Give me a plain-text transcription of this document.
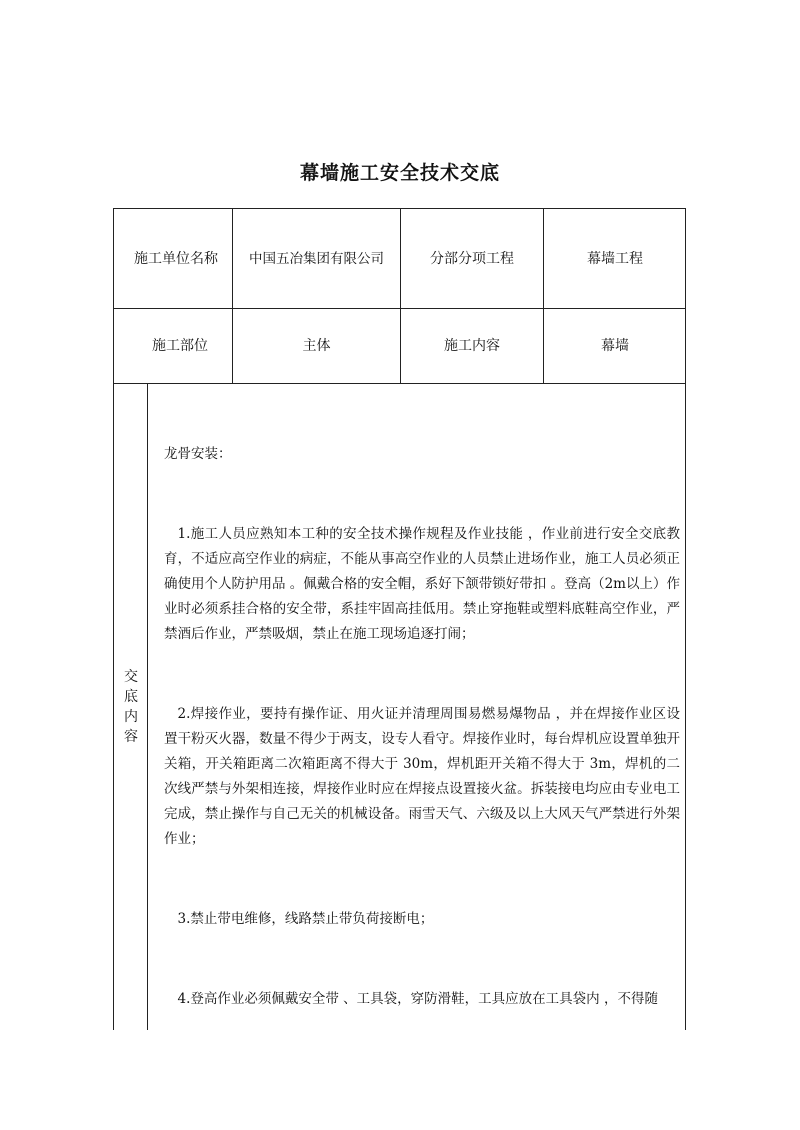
幕墙施工安全技术交底
施工单位名称	中国五冶集团有限公司	分部分项工程	幕墙工程
施工部位	主体	施工内容	幕墙
交底内容

龙骨安装：

1.施工人员应熟知本工种的安全技术操作规程及作业技能 ，作业前进行安全交底教育，不适应高空作业的病症，不能从事高空作业的人员禁止进场作业，施工人员必须正确使用个人防护用品 。佩戴合格的安全帽，系好下颔带锁好带扣 。登高（2m以上）作业时必须系挂合格的安全带，系挂牢固高挂低用。禁止穿拖鞋或塑料底鞋高空作业，严禁酒后作业，严禁吸烟，禁止在施工现场追逐打闹；

2.焊接作业，要持有操作证、用火证并清理周围易燃易爆物品 ，并在焊接作业区设置干粉灭火器，数量不得少于两支，设专人看守。焊接作业时，每台焊机应设置单独开关箱，开关箱距离二次箱距离不得大于 30m，焊机距开关箱不得大于 3m，焊机的二次线严禁与外架相连接，焊接作业时应在焊接点设置接火盆。拆装接电均应由专业电工完成，禁止操作与自己无关的机械设备。雨雪天气、六级及以上大风天气严禁进行外架作业；

3.禁止带电维修，线路禁止带负荷接断电；

4.登高作业必须佩戴安全带 、工具袋，穿防滑鞋，工具应放在工具袋内 ，不得随
